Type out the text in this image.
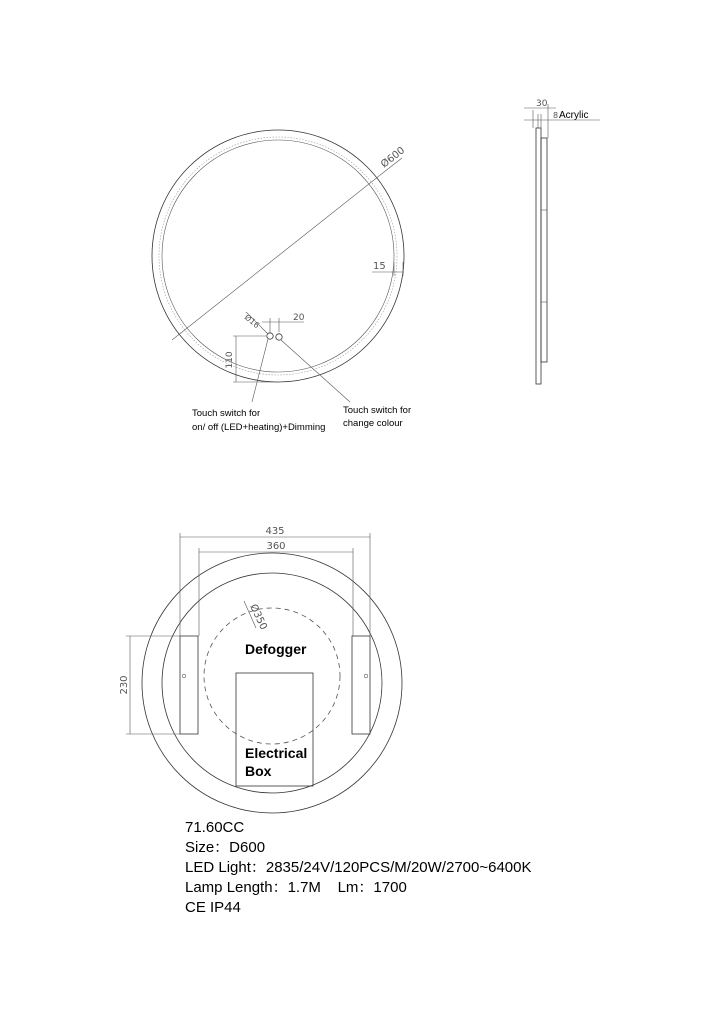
Ø600
15
Ø16	20
110
Touch switch for
on/ off (LED+heating)+Dimming
Touch switch for
change colour
30
8 Acrylic
435
360
Ø350
230
Defogger
Electrical
Box
71.60CC
Size：D600
LED Light：2835/24V/120PCS/M/20W/2700~6400K
Lamp Length：1.7M    Lm：1700
CE IP44
